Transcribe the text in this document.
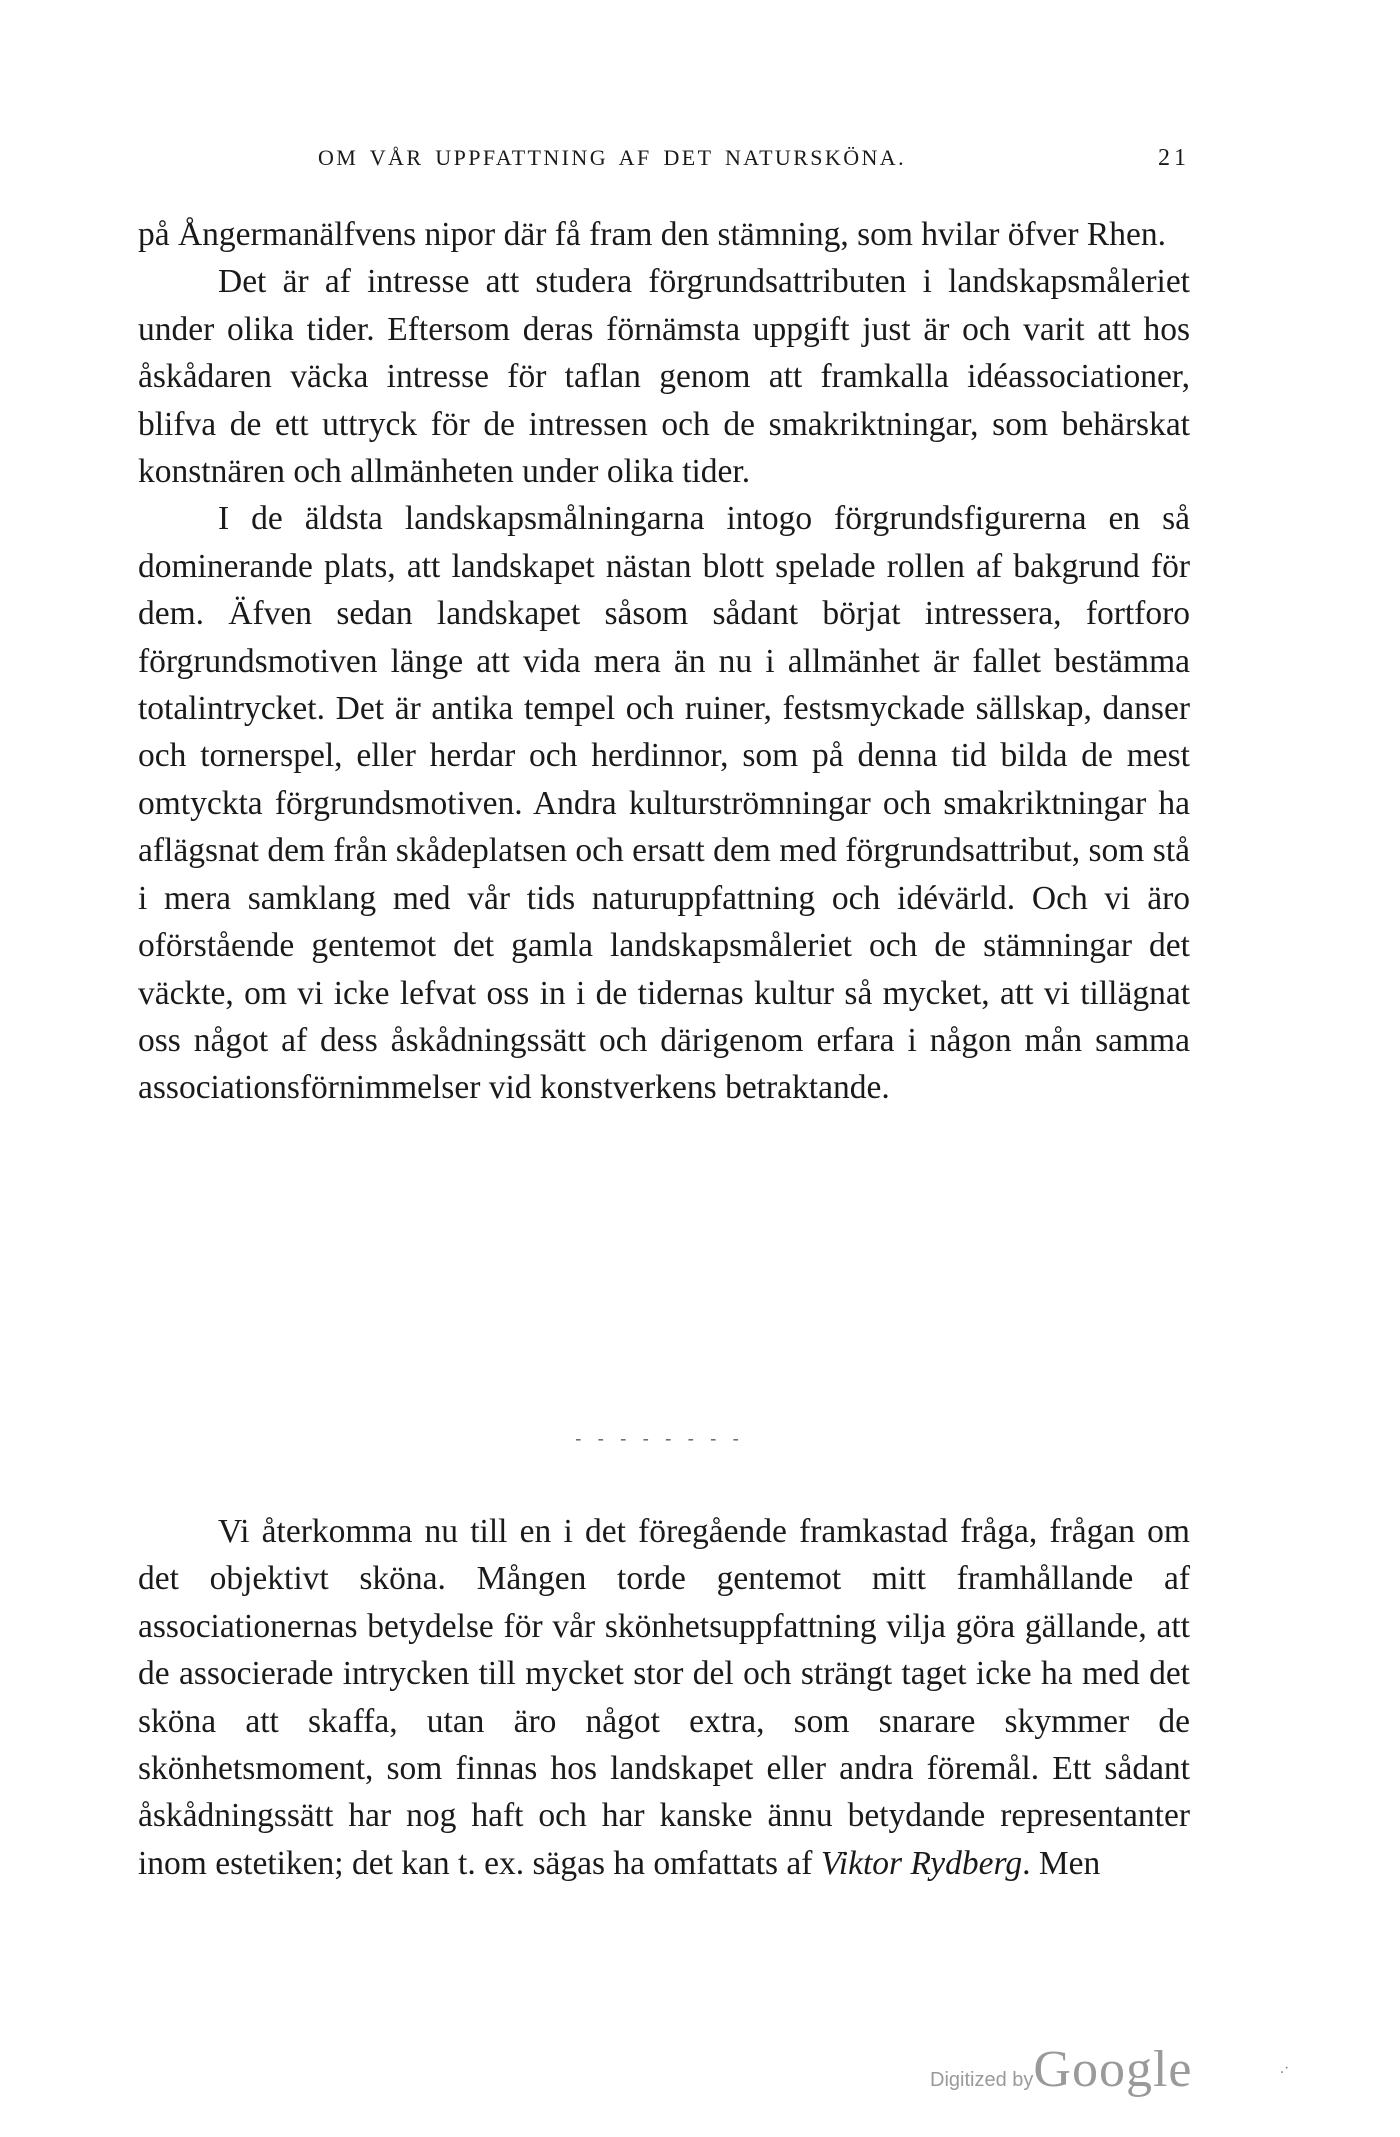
OM VÅR UPPFATTNING AF DET NATURSKÖNA.	21

på Ångermanälfvens nipor där få fram den stämning, som hvilar öfver Rhen.

Det är af intresse att studera förgrundsattributen i landskapsmåleriet under olika tider. Eftersom deras förnämsta uppgift just är och varit att hos åskådaren väcka intresse för taflan genom att framkalla idéassociationer, blifva de ett uttryck för de intressen och de smakriktningar, som behärskat konstnären och allmänheten under olika tider.

I de äldsta landskapsmålningarna intogo förgrundsfigurerna en så dominerande plats, att landskapet nästan blott spelade rollen af bakgrund för dem. Äfven sedan landskapet såsom sådant börjat intressera, fortforo förgrundsmotiven länge att vida mera än nu i allmänhet är fallet bestämma totalintrycket. Det är antika tempel och ruiner, festsmyckade sällskap, danser och tornerspel, eller herdar och herdinnor, som på denna tid bilda de mest omtyckta förgrundsmotiven. Andra kulturströmningar och smakriktningar ha aflägsnat dem från skådeplatsen och ersatt dem med förgrundsattribut, som stå i mera samklang med vår tids naturuppfattning och idévärld. Och vi äro oförstående gentemot det gamla landskapsmåleriet och de stämningar det väckte, om vi icke lefvat oss in i de tidernas kultur så mycket, att vi tillägnat oss något af dess åskådningssätt och därigenom erfara i någon mån samma associationsförnimmelser vid konstverkens betraktande.

- - - - - - - -

Vi återkomma nu till en i det föregående framkastad fråga, frågan om det objektivt sköna. Mången torde gentemot mitt framhållande af associationernas betydelse för vår skönhetsuppfattning vilja göra gällande, att de associerade intrycken till mycket stor del och strängt taget icke ha med det sköna att skaffa, utan äro något extra, som snarare skymmer de skönhetsmoment, som finnas hos landskapet eller andra föremål. Ett sådant åskådningssätt har nog haft och har kanske ännu betydande representanter inom estetiken; det kan t. ex. sägas ha omfattats af Viktor Rydberg. Men

Digitized byGoogle	.·
